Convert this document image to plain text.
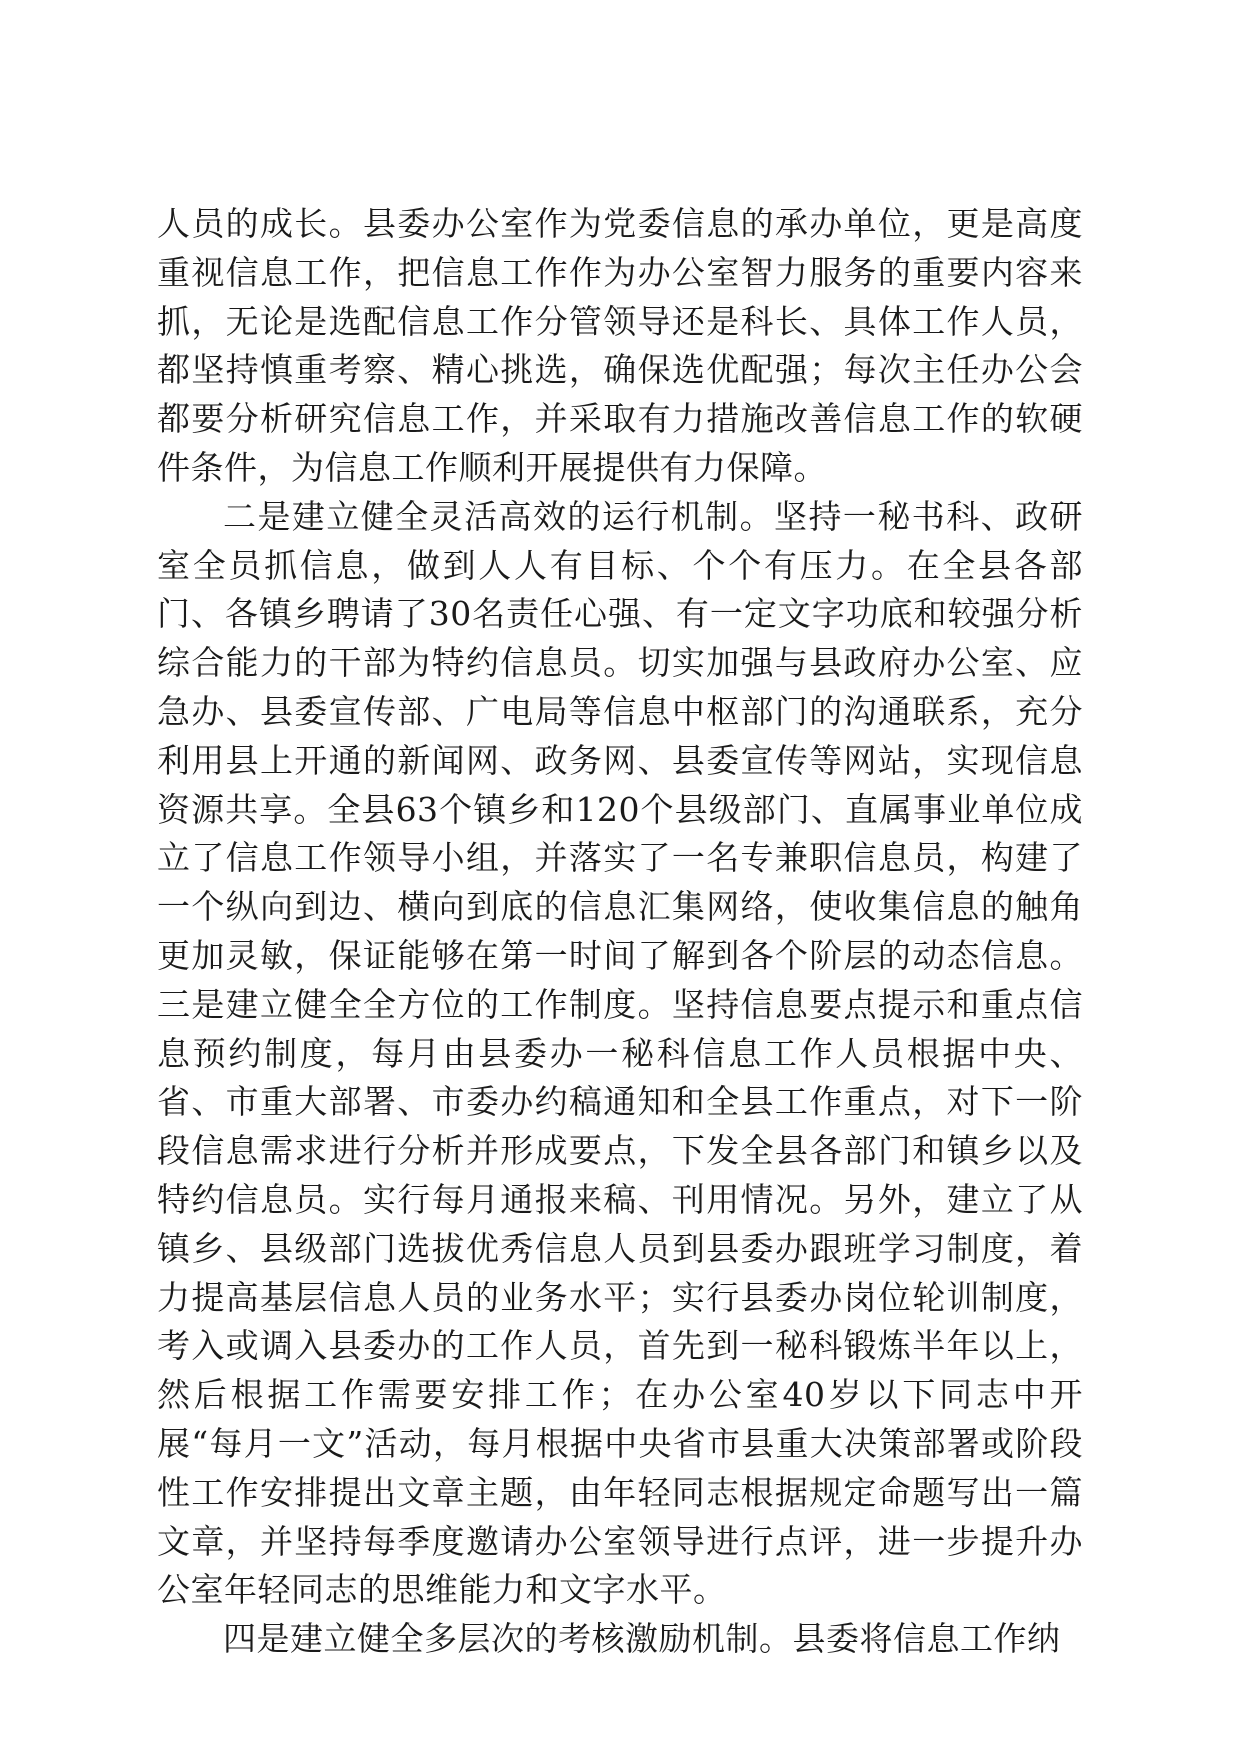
人员的成长。县委办公室作为党委信息的承办单位，更是高度重视信息工作，把信息工作作为办公室智力服务的重要内容来抓，无论是选配信息工作分管领导还是科长、具体工作人员，都坚持慎重考察、精心挑选，确保选优配强；每次主任办公会都要分析研究信息工作，并采取有力措施改善信息工作的软硬件条件，为信息工作顺利开展提供有力保障。

二是建立健全灵活高效的运行机制。坚持一秘书科、政研室全员抓信息，做到人人有目标、个个有压力。在全县各部门、各镇乡聘请了30名责任心强、有一定文字功底和较强分析综合能力的干部为特约信息员。切实加强与县政府办公室、应急办、县委宣传部、广电局等信息中枢部门的沟通联系，充分利用县上开通的新闻网、政务网、县委宣传等网站，实现信息资源共享。全县63个镇乡和120个县级部门、直属事业单位成立了信息工作领导小组，并落实了一名专兼职信息员，构建了一个纵向到边、横向到底的信息汇集网络，使收集信息的触角更加灵敏，保证能够在第一时间了解到各个阶层的动态信息。三是建立健全全方位的工作制度。坚持信息要点提示和重点信息预约制度，每月由县委办一秘科信息工作人员根据中央、省、市重大部署、市委办约稿通知和全县工作重点，对下一阶段信息需求进行分析并形成要点，下发全县各部门和镇乡以及特约信息员。实行每月通报来稿、刊用情况。另外，建立了从镇乡、县级部门选拔优秀信息人员到县委办跟班学习制度，着力提高基层信息人员的业务水平；实行县委办岗位轮训制度，考入或调入县委办的工作人员，首先到一秘科锻炼半年以上，然后根据工作需要安排工作；在办公室40岁以下同志中开展“每月一文”活动，每月根据中央省市县重大决策部署或阶段性工作安排提出文章主题，由年轻同志根据规定命题写出一篇文章，并坚持每季度邀请办公室领导进行点评，进一步提升办公室年轻同志的思维能力和文字水平。

四是建立健全多层次的考核激励机制。县委将信息工作纳
